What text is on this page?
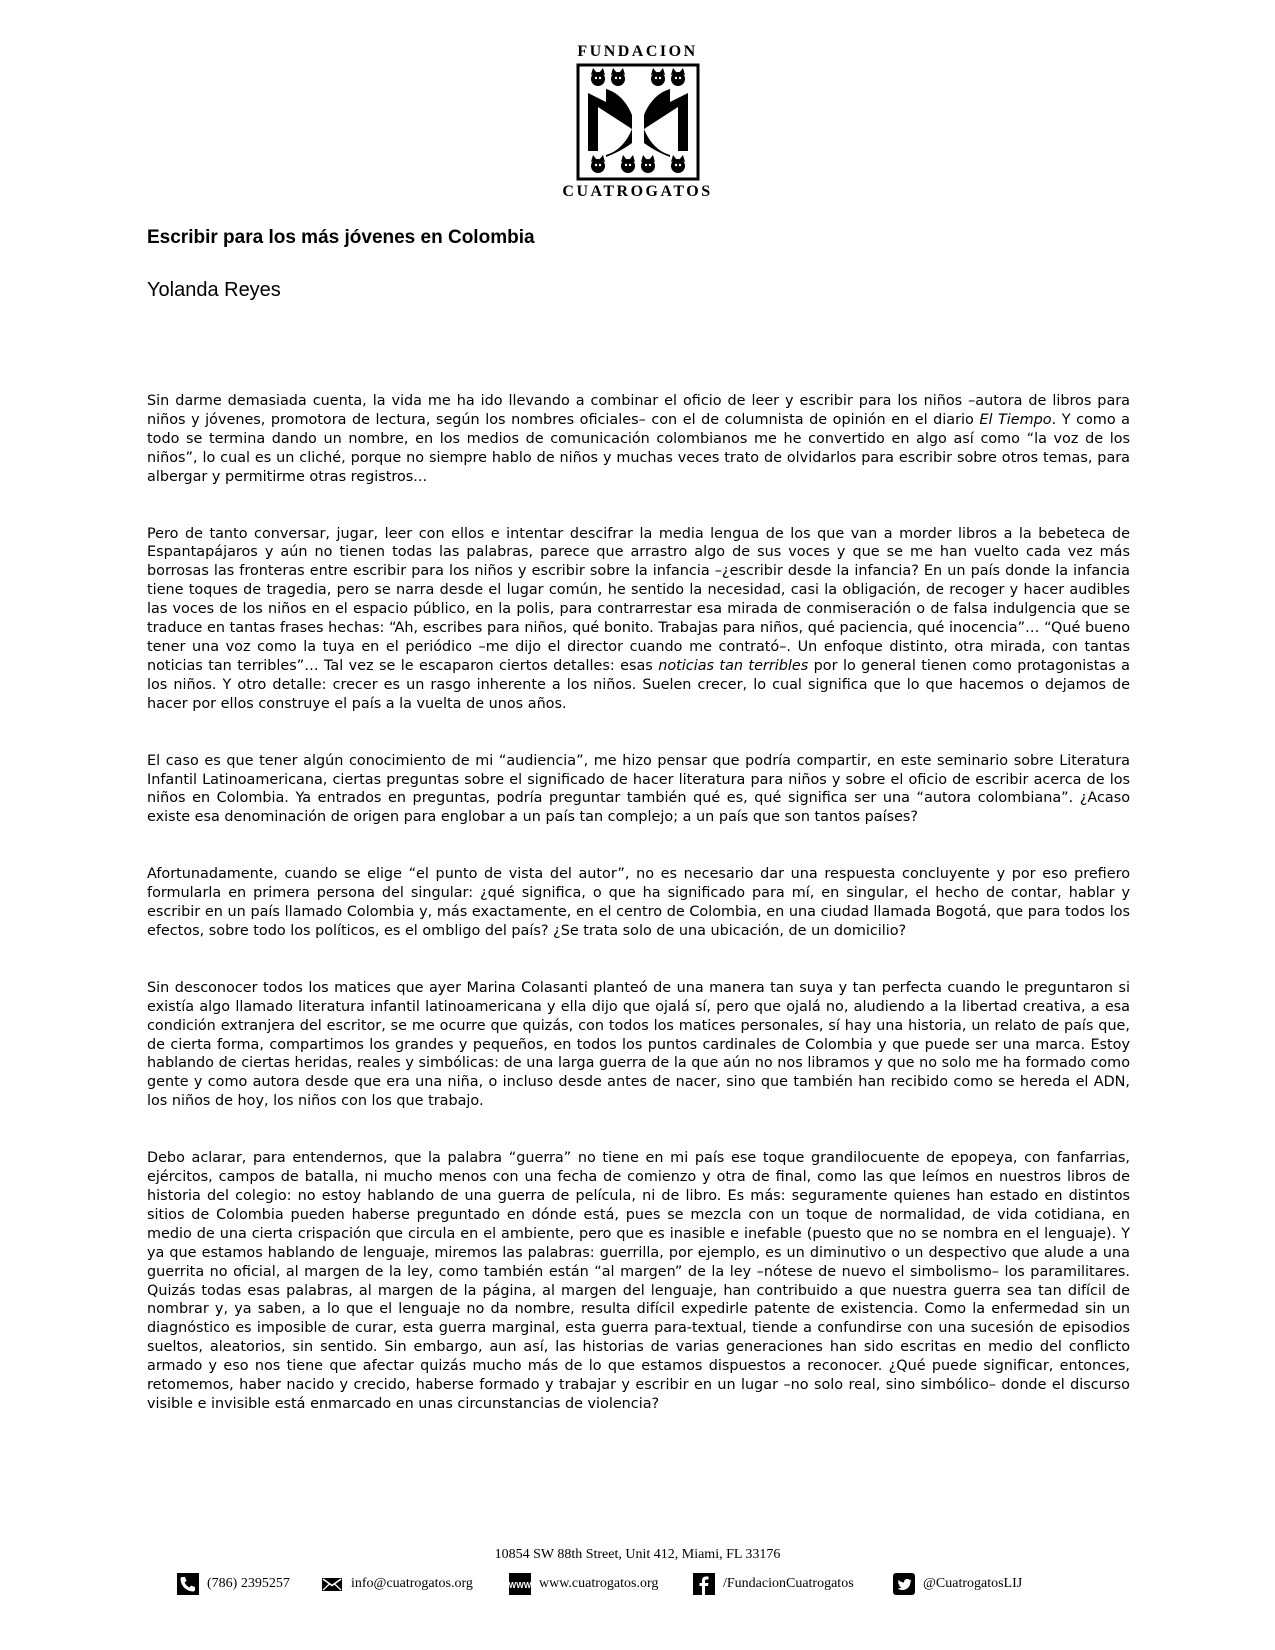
FUNDACION
CUATROGATOS
Escribir para los más jóvenes en Colombia
Yolanda Reyes

Sin darme demasiada cuenta, la vida me ha ido llevando a combinar el oficio de leer y escribir para los niños –autora de libros para niños y jóvenes, promotora de lectura, según los nombres oficiales– con el de columnista de opinión en el diario El Tiempo. Y como a todo se termina dando un nombre, en los medios de comunicación colombianos me he convertido en algo así como “la voz de los niños”, lo cual es un cliché, porque no siempre hablo de niños y muchas veces trato de olvidarlos para escribir sobre otros temas, para albergar y permitirme otras registros...

Pero de tanto conversar, jugar, leer con ellos e intentar descifrar la media lengua de los que van a morder libros a la bebeteca de Espantapájaros y aún no tienen todas las palabras, parece que arrastro algo de sus voces y que se me han vuelto cada vez más borrosas las fronteras entre escribir para los niños y escribir sobre la infancia –¿escribir desde la infancia? En un país donde la infancia tiene toques de tragedia, pero se narra desde el lugar común, he sentido la necesidad, casi la obligación, de recoger y hacer audibles las voces de los niños en el espacio público, en la polis, para contrarrestar esa mirada de conmiseración o de falsa indulgencia que se traduce en tantas frases hechas: “Ah, escribes para niños, qué bonito. Trabajas para niños, qué paciencia, qué inocencia”… “Qué bueno tener una voz como la tuya en el periódico –me dijo el director cuando me contrató–. Un enfoque distinto, otra mirada, con tantas noticias tan terribles”… Tal vez se le escaparon ciertos detalles: esas noticias tan terribles por lo general tienen como protagonistas a los niños. Y otro detalle: crecer es un rasgo inherente a los niños. Suelen crecer, lo cual significa que lo que hacemos o dejamos de hacer por ellos construye el país a la vuelta de unos años.

El caso es que tener algún conocimiento de mi “audiencia”, me hizo pensar que podría compartir, en este seminario sobre Literatura Infantil Latinoamericana, ciertas preguntas sobre el significado de hacer literatura para niños y sobre el oficio de escribir acerca de los niños en Colombia. Ya entrados en preguntas, podría preguntar también qué es, qué significa ser una “autora colombiana”. ¿Acaso existe esa denominación de origen para englobar a un país tan complejo; a un país que son tantos países?

Afortunadamente, cuando se elige “el punto de vista del autor”, no es necesario dar una respuesta concluyente y por eso prefiero formularla en primera persona del singular: ¿qué significa, o que ha significado para mí, en singular, el hecho de contar, hablar y escribir en un país llamado Colombia y, más exactamente, en el centro de Colombia, en una ciudad llamada Bogotá, que para todos los efectos, sobre todo los políticos, es el ombligo del país? ¿Se trata solo de una ubicación, de un domicilio?

Sin desconocer todos los matices que ayer Marina Colasanti planteó de una manera tan suya y tan perfecta cuando le preguntaron si existía algo llamado literatura infantil latinoamericana y ella dijo que ojalá sí, pero que ojalá no, aludiendo a la libertad creativa, a esa condición extranjera del escritor, se me ocurre que quizás, con todos los matices personales, sí hay una historia, un relato de país que, de cierta forma, compartimos los grandes y pequeños, en todos los puntos cardinales de Colombia y que puede ser una marca. Estoy hablando de ciertas heridas, reales y simbólicas: de una larga guerra de la que aún no nos libramos y que no solo me ha formado como gente y como autora desde que era una niña, o incluso desde antes de nacer, sino que también han recibido como se hereda el ADN, los niños de hoy, los niños con los que trabajo.

Debo aclarar, para entendernos, que la palabra “guerra” no tiene en mi país ese toque grandilocuente de epopeya, con fanfarrias, ejércitos, campos de batalla, ni mucho menos con una fecha de comienzo y otra de final, como las que leímos en nuestros libros de historia del colegio: no estoy hablando de una guerra de película, ni de libro. Es más: seguramente quienes han estado en distintos sitios de Colombia pueden haberse preguntado en dónde está, pues se mezcla con un toque de normalidad, de vida cotidiana, en medio de una cierta crispación que circula en el ambiente, pero que es inasible e inefable (puesto que no se nombra en el lenguaje). Y ya que estamos hablando de lenguaje, miremos las palabras: guerrilla, por ejemplo, es un diminutivo o un despectivo que alude a una guerrita no oficial, al margen de la ley, como también están “al margen” de la ley –nótese de nuevo el simbolismo– los paramilitares. Quizás todas esas palabras, al margen de la página, al margen del lenguaje, han contribuido a que nuestra guerra sea tan difícil de nombrar y, ya saben, a lo que el lenguaje no da nombre, resulta difícil expedirle patente de existencia. Como la enfermedad sin un diagnóstico es imposible de curar, esta guerra marginal, esta guerra para-textual, tiende a confundirse con una sucesión de episodios sueltos, aleatorios, sin sentido. Sin embargo, aun así, las historias de varias generaciones han sido escritas en medio del conflicto armado y eso nos tiene que afectar quizás mucho más de lo que estamos dispuestos a reconocer. ¿Qué puede significar, entonces, retomemos, haber nacido y crecido, haberse formado y trabajar y escribir en un lugar –no solo real, sino simbólico– donde el discurso visible e invisible está enmarcado en unas circunstancias de violencia?

10854 SW 88th Street, Unit 412, Miami, FL 33176
(786) 2395257	info@cuatrogatos.org	WWW www.cuatrogatos.org	/FundacionCuatrogatos	@CuatrogatosLIJ
